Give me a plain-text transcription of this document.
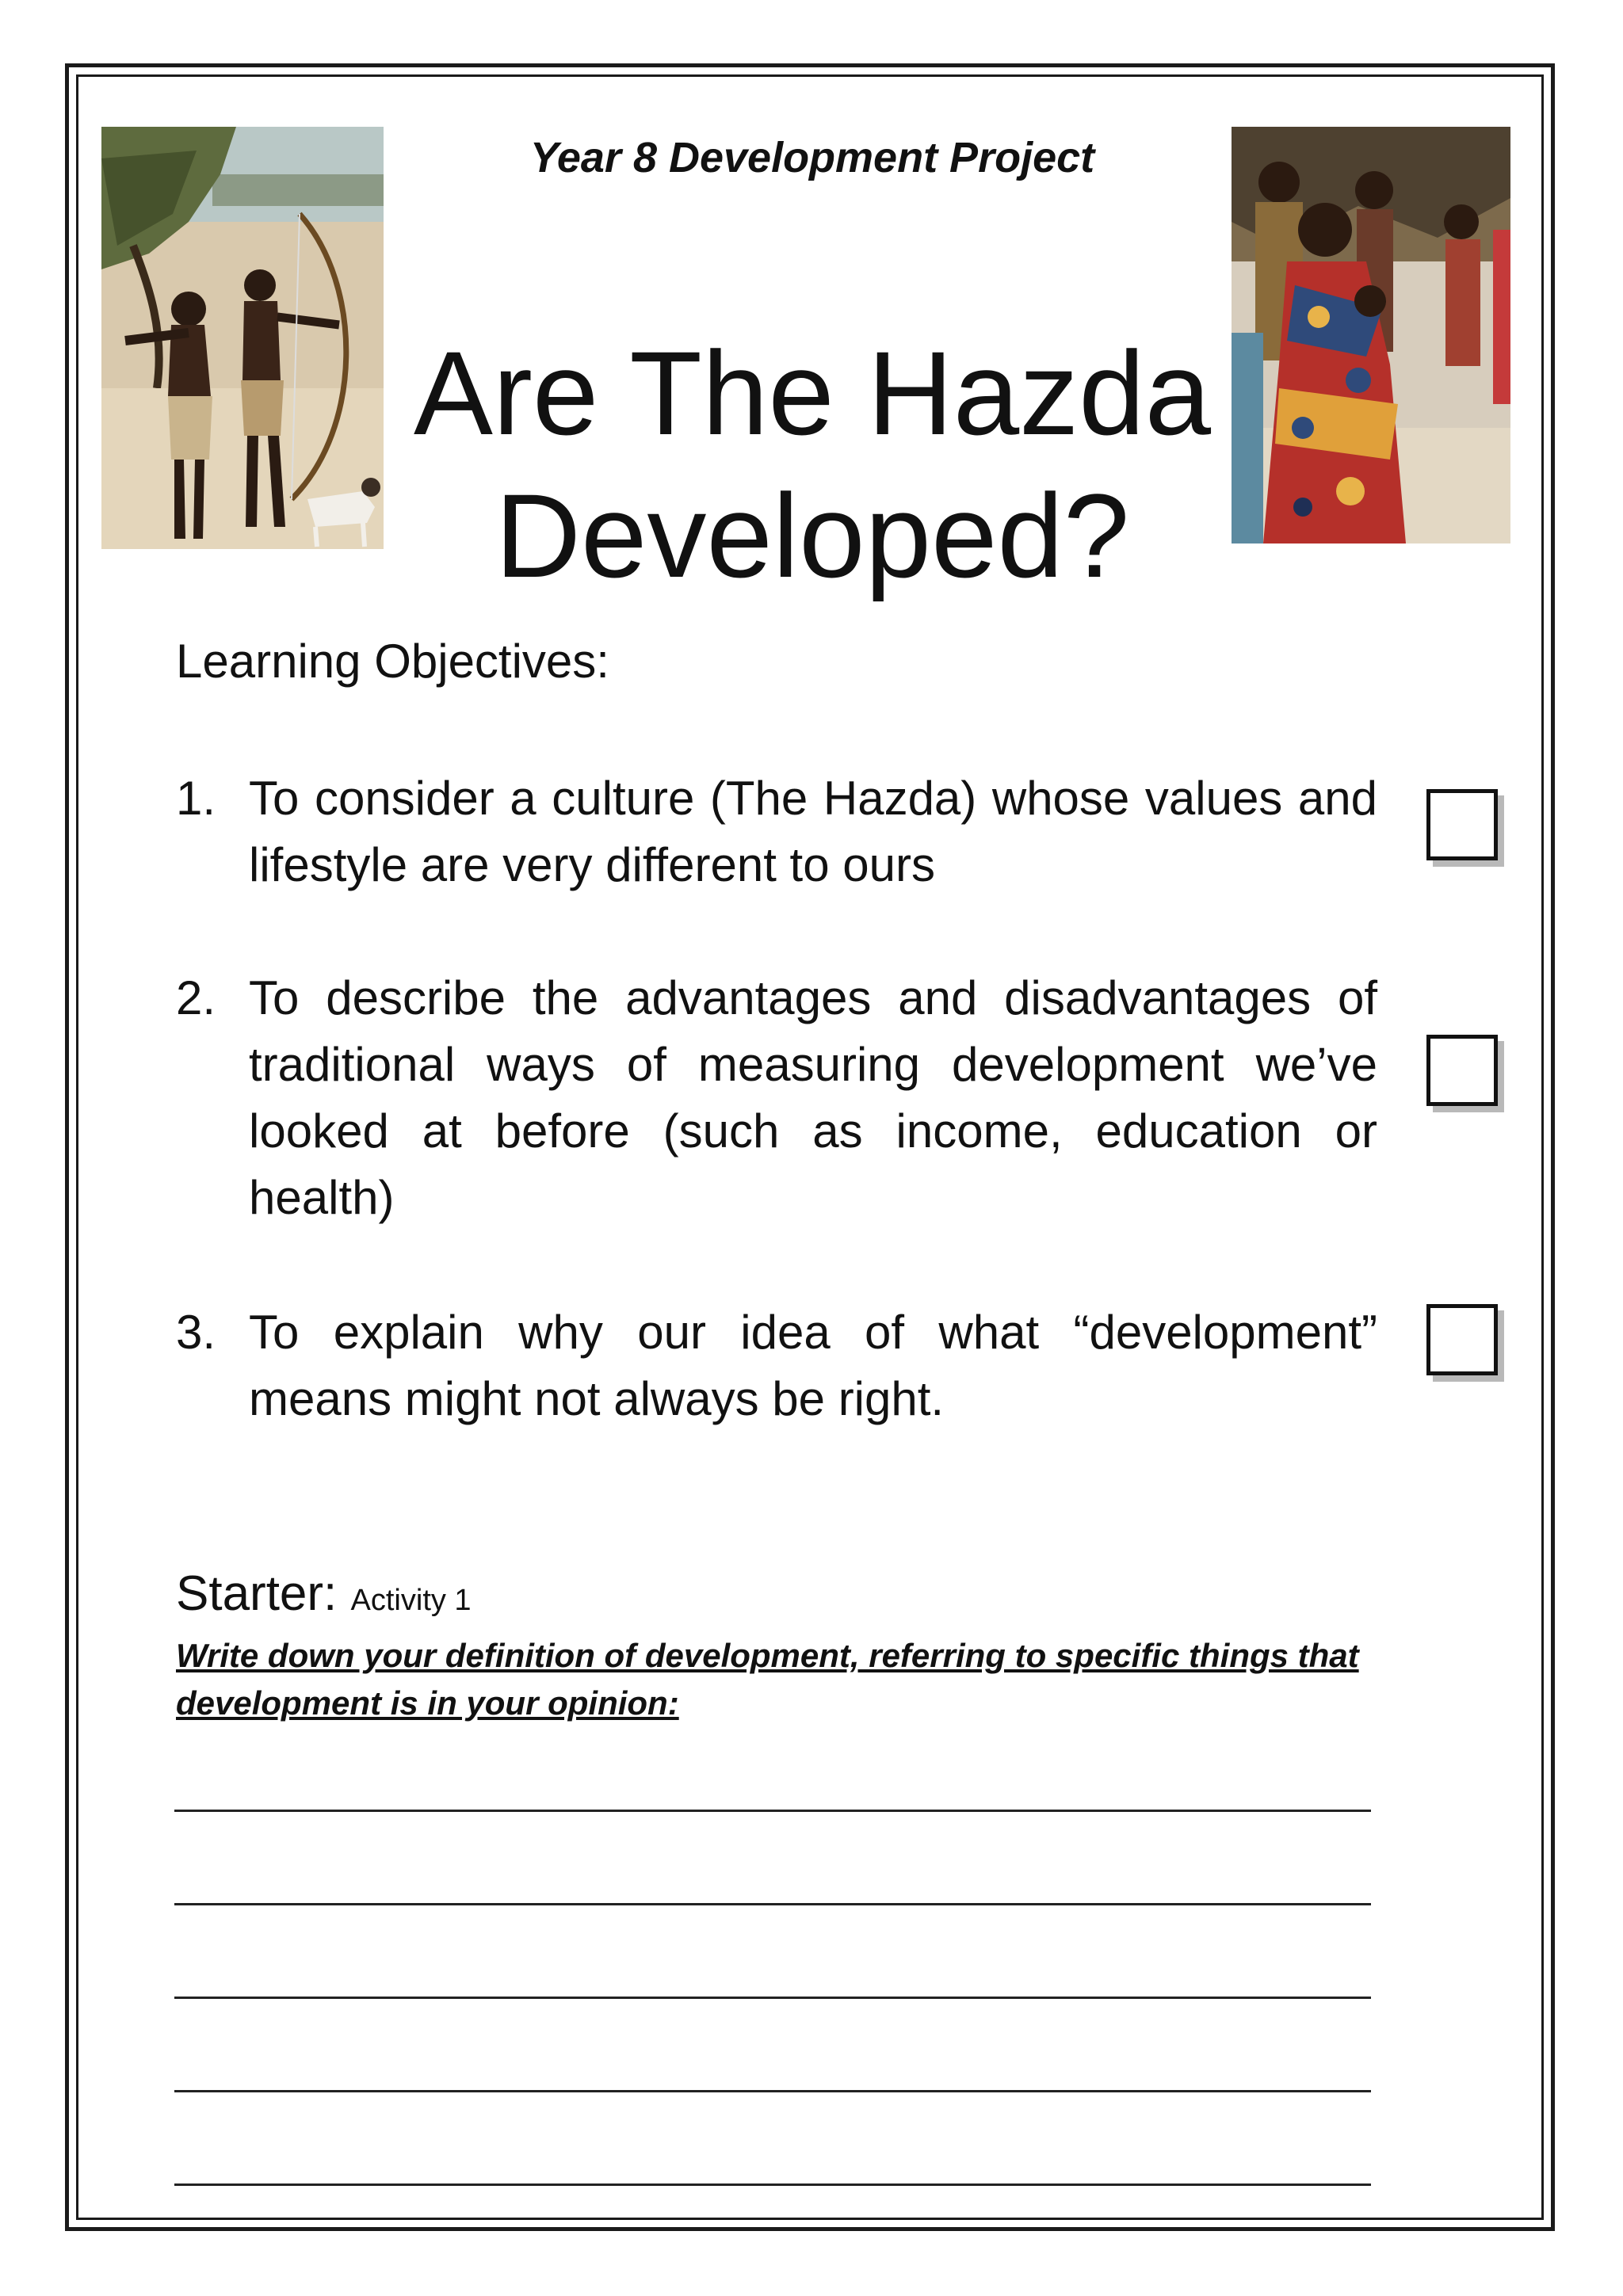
Year 8 Development Project
Are The Hazda
Developed?
Learning Objectives:
1. To consider a culture (The Hazda) whose values and lifestyle are very different to ours
2. To describe the advantages and disadvantages of traditional ways of measuring development we’ve looked at before (such as income, education or health)
3. To explain why our idea of what “development” means might not always be right.
Starter: Activity 1
Write down your definition of development, referring to specific things that development is in your opinion:
